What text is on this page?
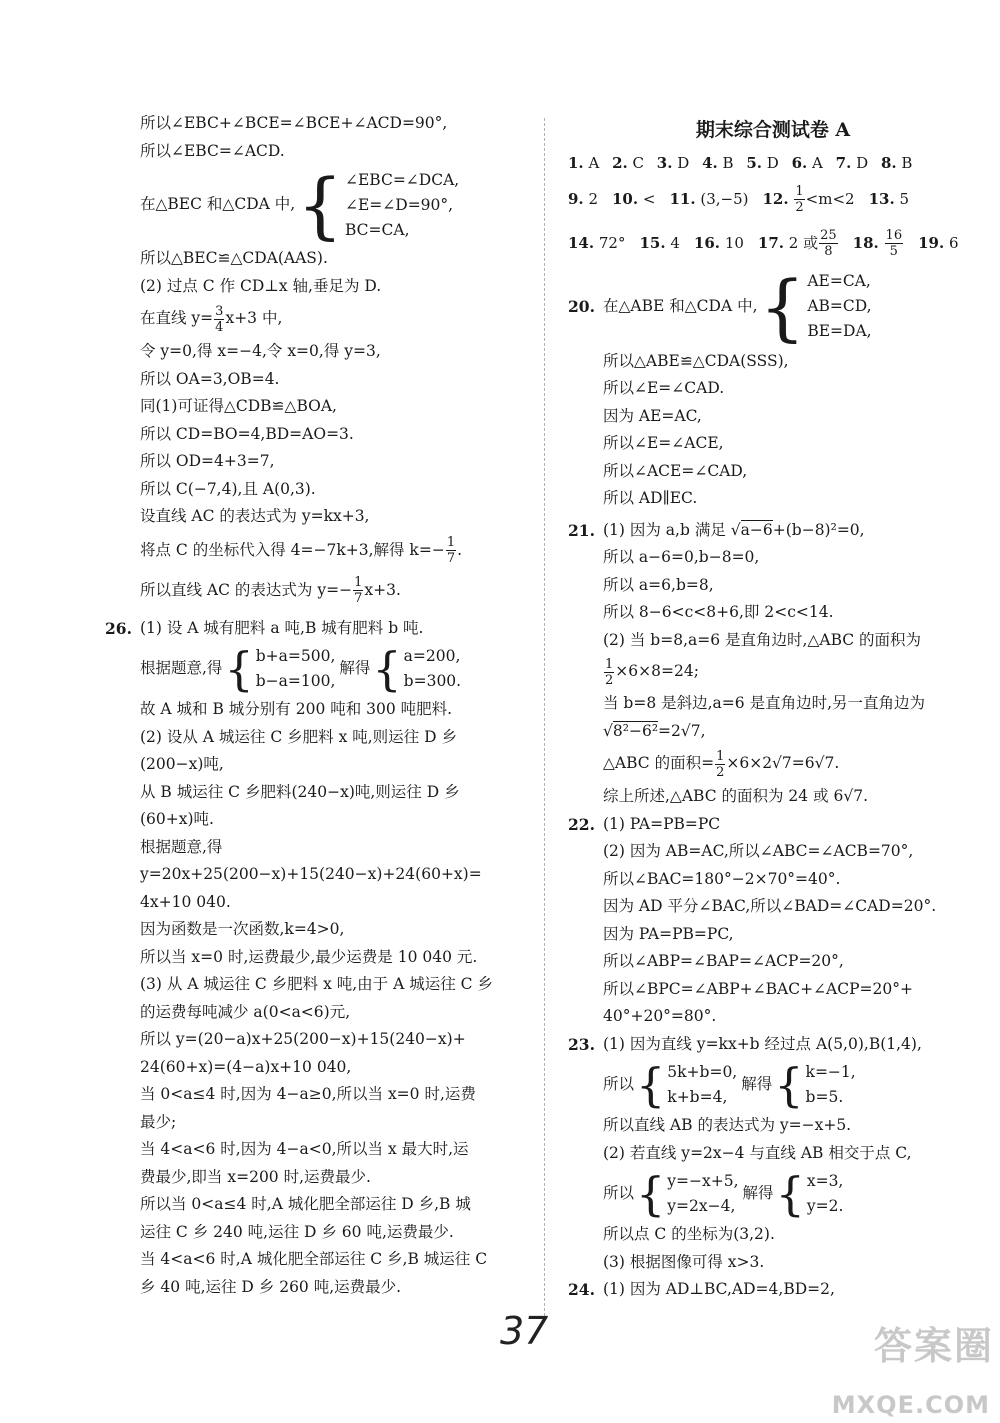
所以∠EBC+∠BCE=∠BCE+∠ACD=90°,
所以∠EBC=∠ACD.
在△BEC 和△CDA 中, { ∠EBC=∠DCA,
∠E=∠D=90°,
BC=CA,
所以△BEC≌△CDA(AAS).
(2) 过点 C 作 CD⊥x 轴,垂足为 D.
在直线 $y= \frac{3}{4} x+3$ 中,
令 y=0,得 x=−4,令 x=0,得 y=3,
所以 OA=3,OB=4.
同(1)可证得△CDB≌△BOA,
所以 CD=BO=4,BD=AO=3.
所以 OD=4+3=7,
所以 C(−7,4),且 A(0,3).
设直线 AC 的表达式为 y=kx+3,
将点 C 的坐标代入得 4=−7k+3,解得 $k=- \frac{1}{7}$ .
所以直线 AC 的表达式为 $y=- \frac{1}{7} x+3$.
26. (1) 设 A 城有肥料 a 吨,B 城有肥料 b 吨.
根据题意,得 { b+a=500,
b−a=100,
解得 { a=200,
b=300.
故 A 城和 B 城分别有 200 吨和 300 吨肥料.
(2) 设从 A 城运往 C 乡肥料 x 吨,则运往 D 乡
(200−x)吨,
从 B 城运往 C 乡肥料(240−x)吨,则运往 D 乡
(60+x)吨.
根据题意,得
y=20x+25(200−x)+15(240−x)+24(60+x)=
4x+10 040.
因为函数是一次函数,k=4>0,
所以当 x=0 时,运费最少,最少运费是 10 040 元.
(3) 从 A 城运往 C 乡肥料 x 吨,由于 A 城运往 C 乡
的运费每吨减少 a(0<a<6)元,
所以 y=(20−a)x+25(200−x)+15(240−x)+
24(60+x)=(4−a)x+10 040,
当 0<a≤4 时,因为 4−a≥0,所以当 x=0 时,运费
最少;
当 4<a<6 时,因为 4−a<0,所以当 x 最大时,运
费最少,即当 x=200 时,运费最少.
所以当 0<a≤4 时,A 城化肥全部运往 D 乡,B 城
运往 C 乡 240 吨,运往 D 乡 60 吨,运费最少.
当 4<a<6 时,A 城化肥全部运往 C 乡,B 城运往 C
乡 40 吨,运往 D 乡 260 吨,运费最少.
期末综合测试卷 A
1. A 2. C 3. D 4. B 5. D 6. A 7. D 8. B
9.
2 10.
< 11.
(3,−5) 12.
$\frac{1}{2} <m<2$ 13.
5
14.
72° 15.
4 16.
10 17.
2 或 $\frac{25}{8} 18$.
$\frac{16}{5} 19$.
6
20. 在△ABE 和△CDA 中, { AE=CA,
AB=CD,
BE=DA,
所以△ABE≌△CDA(SSS),
所以∠E=∠CAD.
因为 AE=AC,
所以∠E=∠ACE,
所以∠ACE=∠CAD,
所以 AD∥EC.
21. (1) 因为 a,b 满足 √a−6+(b−8)²=0,
所以 a−6=0,b−8=0,
所以 a=6,b=8,
所以 8−6<c<8+6,即 2<c<14.
(2) 当 b=8,a=6 是直角边时,△ABC 的面积为
$\frac{1}{2} \times 6\times 8=24$;
当 b=8 是斜边,a=6 是直角边时,另一直角边为
√8²−6²=2√7,
△ABC 的面积= $\frac{1}{2} \times 6\times 2√7=6√7$.
综上所述,△ABC 的面积为 24 或 6√7.
22. (1) PA=PB=PC
(2) 因为 AB=AC,所以∠ABC=∠ACB=70°,
所以∠BAC=180°−2×70°=40°.
因为 AD 平分∠BAC,所以∠BAD=∠CAD=20°.
因为 PA=PB=PC,
所以∠ABP=∠BAP=∠ACP=20°,
所以∠BPC=∠ABP+∠BAC+∠ACP=20°+
40°+20°=80°.
23. (1) 因为直线 y=kx+b 经过点 A(5,0),B(1,4),
所以 { 5k+b=0,
k+b=4,
解得 { k=−1,
b=5.
所以直线 AB 的表达式为 y=−x+5.
(2) 若直线 y=2x−4 与直线 AB 相交于点 C,
所以 { y=−x+5,
y=2x−4,
解得 { x=3,
y=2.
所以点 C 的坐标为(3,2).
(3) 根据图像可得 x>3.
24. (1) 因为 AD⊥BC,AD=4,BD=2,
37	答案圈
MXQE.COM
